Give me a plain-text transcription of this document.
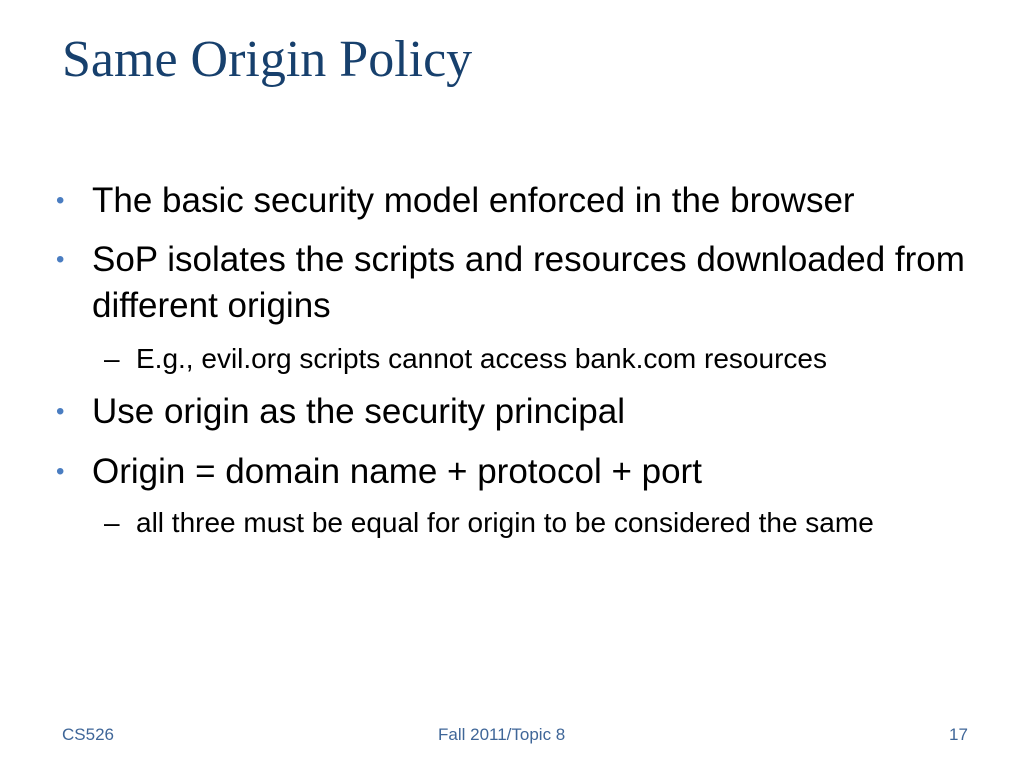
Same Origin Policy
• The basic security model enforced in the browser
• SoP isolates the scripts and resources downloaded from different origins
– E.g., evil.org scripts cannot access bank.com resources
• Use origin as the security principal
• Origin = domain name + protocol + port
– all three must be equal for origin to be considered the same
CS526	Fall 2011/Topic 8	17
